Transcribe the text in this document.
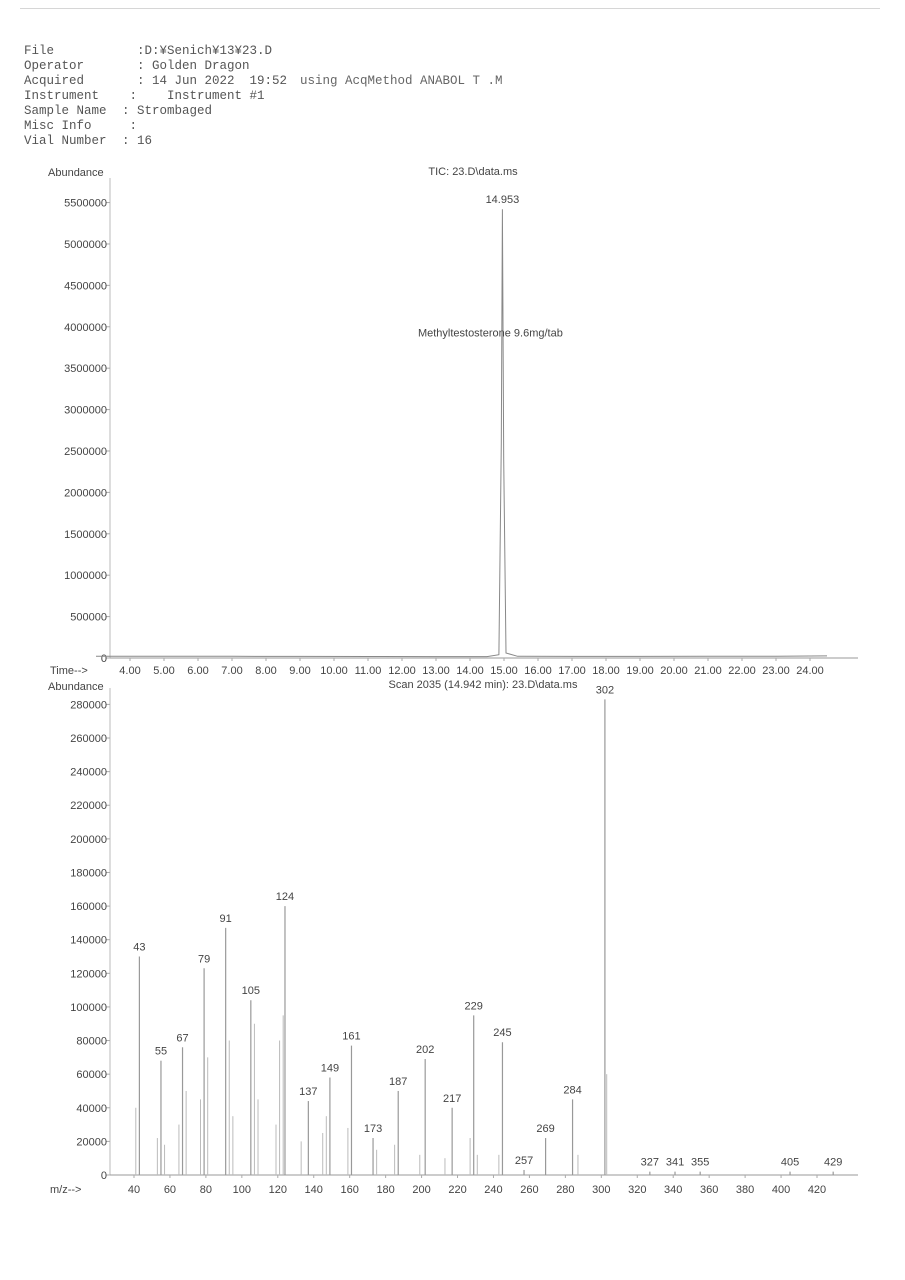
File	:D:¥Senich¥13¥23.D
Operator	: Golden Dragon
Acquired	: 14 Jun 2022  19:52
Instrument :    Instrument #1
Sample Name : Strombaged
Misc Info :
Vial Number : 16
using AcqMethod ANABOL T .M
TIC: 23.D\data.ms
Abundance
Time-->
0
500000
1000000
1500000
2000000
2500000
3000000
3500000
4000000
4500000
5000000
5500000
4.00 5.00 6.00 7.00 8.00 9.00 10.00 11.00 12.00 13.00 14.00 15.00 16.00 17.00 18.00 19.00 20.00 21.00 22.00 23.00 24.00
14.953
Methyltestosterone 9.6mg/tab
Scan 2035 (14.942 min): 23.D\data.ms
Abundance
m/z-->
0
20000
40000
60000
80000
100000
120000
140000
160000
180000
200000
220000
240000
260000
280000
40 60 80 100 120 140 160 180 200 220 240 260 280 300 320 340 360 380 400 420
43
55
67
79
91
105
124
137
149
161
173
187
202
217
229
245
257
269
284
302
327 341 355	405 429
